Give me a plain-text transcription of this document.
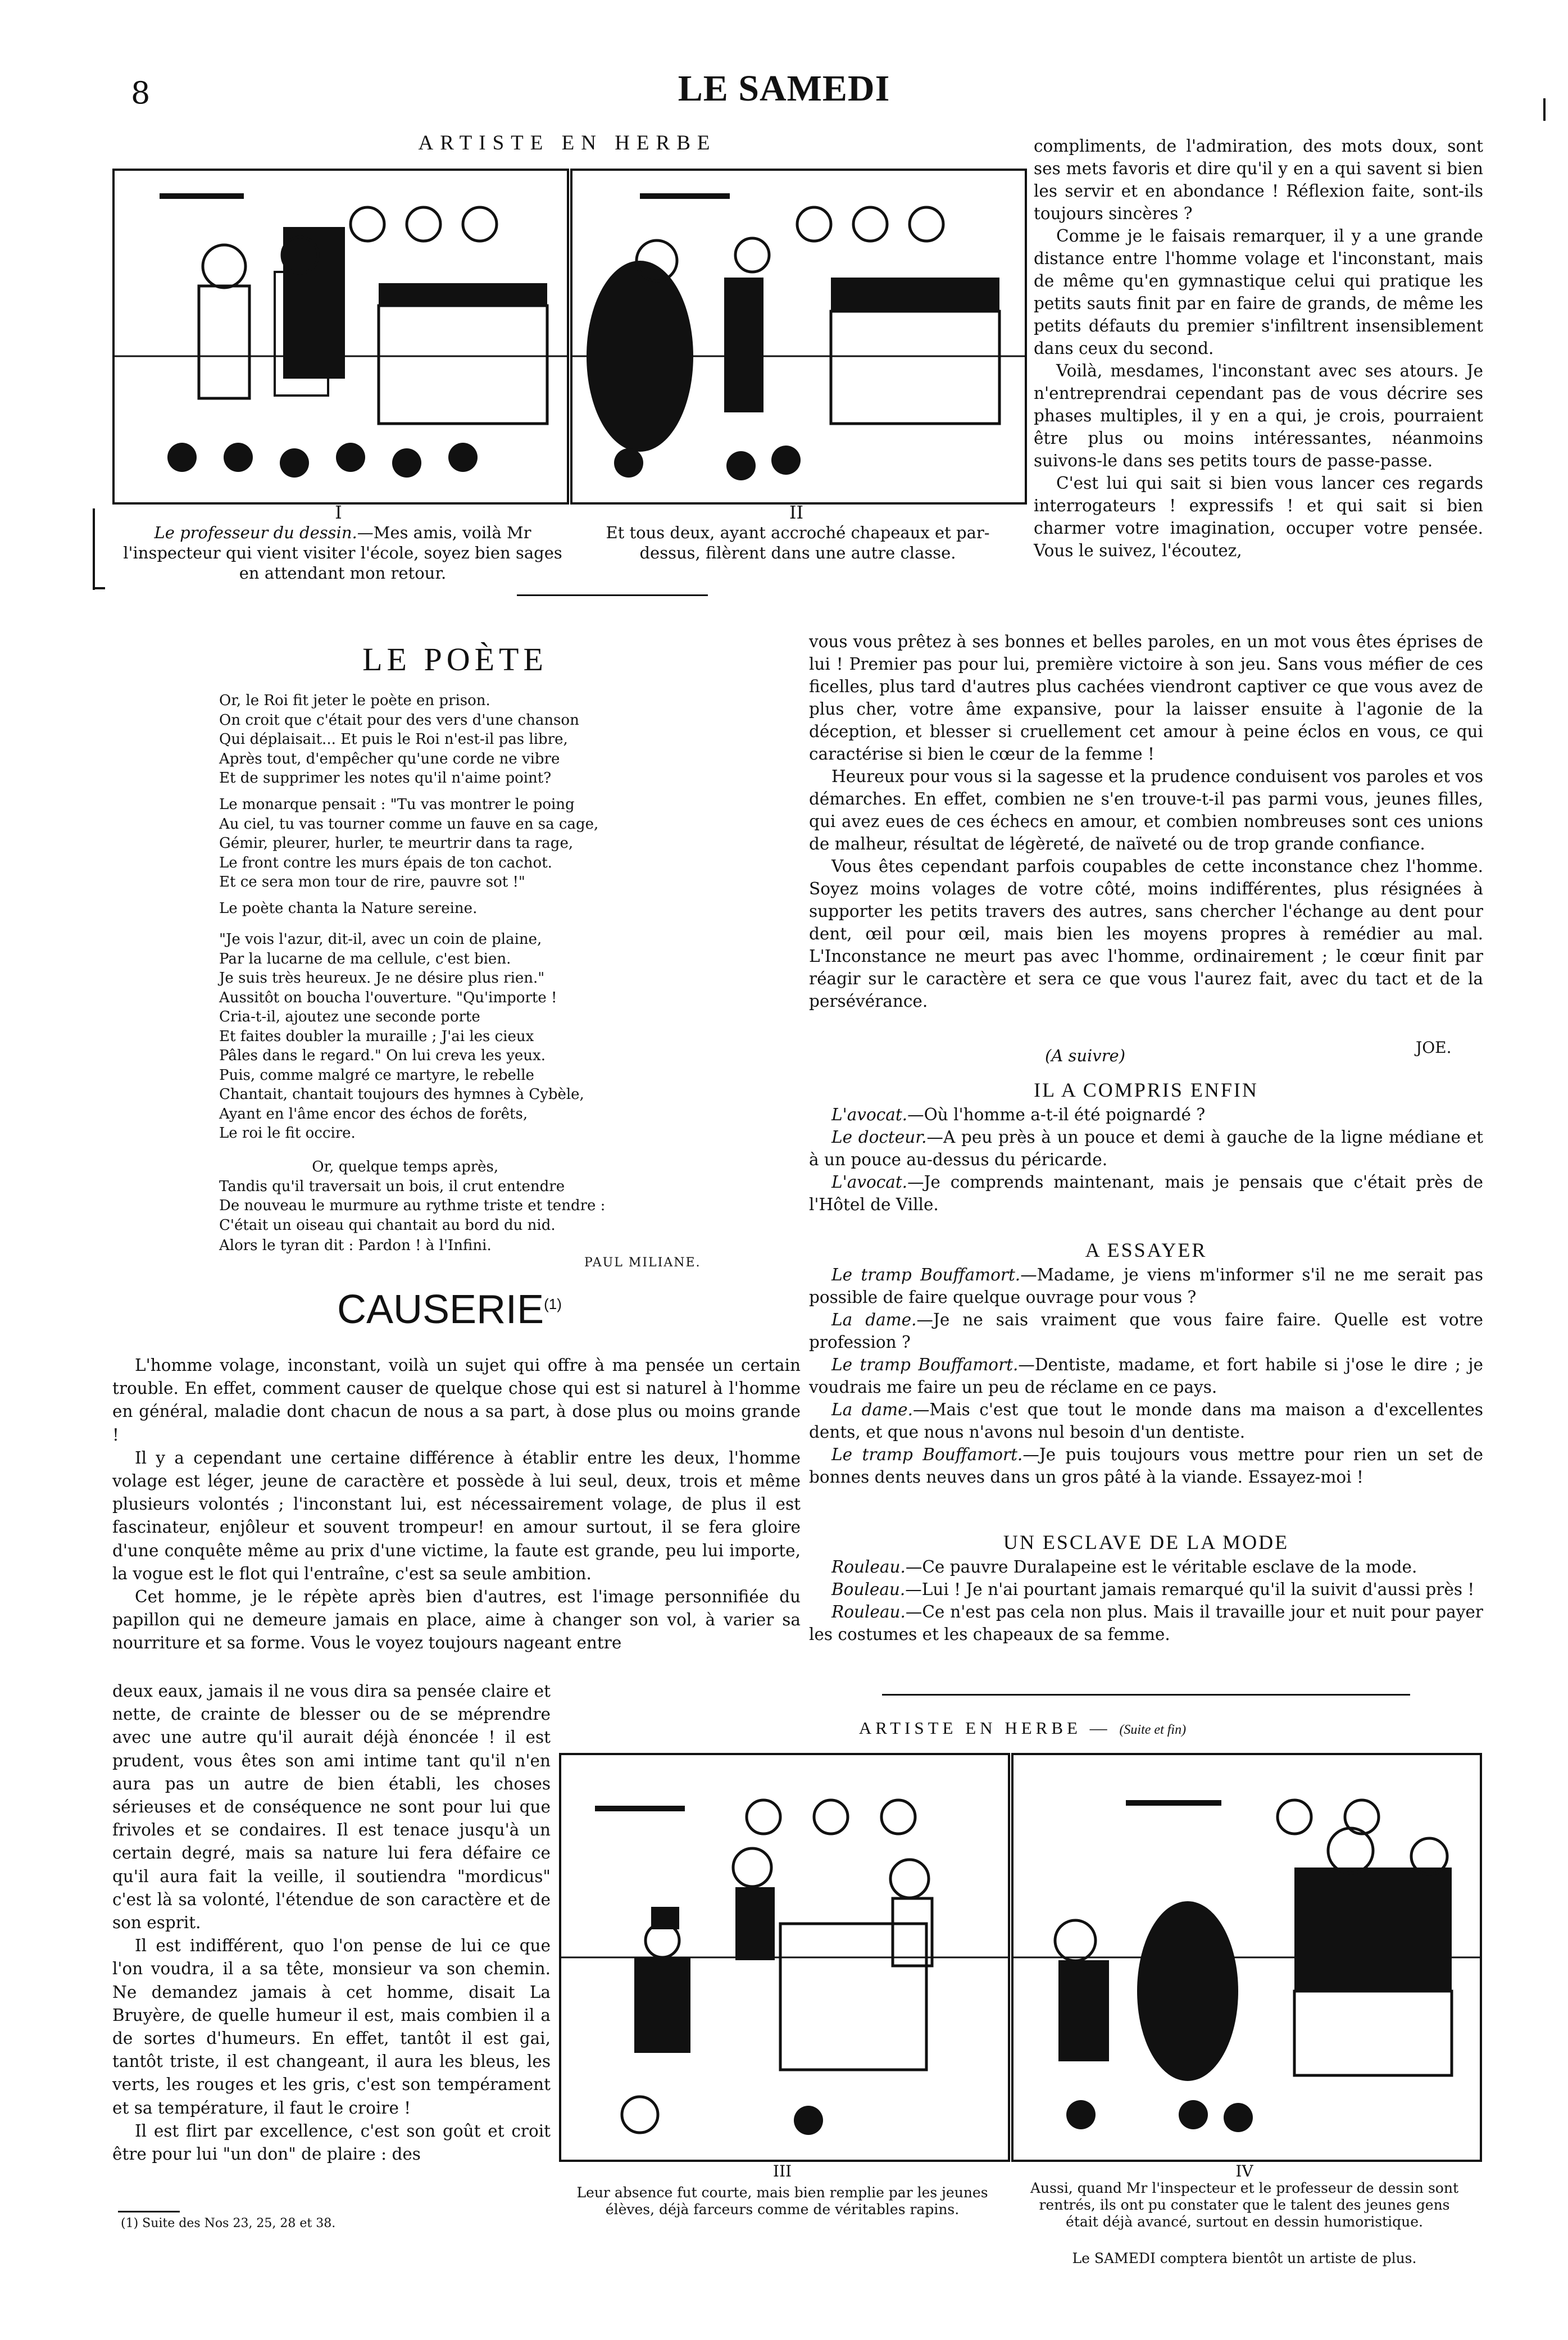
8	LE SAMEDI
ARTISTE EN HERBE
I
Le professeur du dessin.—Mes amis, voilà Mr l'inspecteur qui vient visiter l'école, soyez bien sages en attendant mon retour.
II
Et tous deux, ayant accroché chapeaux et par-dessus, filèrent dans une autre classe.
LE POÈTE
Or, le Roi fit jeter le poète en prison.
On croit que c'était pour des vers d'une chanson
Qui déplaisait... Et puis le Roi n'est-il pas libre,
Après tout, d'empêcher qu'une corde ne vibre
Et de supprimer les notes qu'il n'aime point?
Le monarque pensait : "Tu vas montrer le poing
Au ciel, tu vas tourner comme un fauve en sa cage,
Gémir, pleurer, hurler, te meurtrir dans ta rage,
Le front contre les murs épais de ton cachot.
Et ce sera mon tour de rire, pauvre sot !"
Le poète chanta la Nature sereine.
"Je vois l'azur, dit-il, avec un coin de plaine,
Par la lucarne de ma cellule, c'est bien.
Je suis très heureux. Je ne désire plus rien."
Aussitôt on boucha l'ouverture. "Qu'importe !
Cria-t-il, ajoutez une seconde porte
Et faites doubler la muraille ; J'ai les cieux
Pâles dans le regard." On lui creva les yeux.
Puis, comme malgré ce martyre, le rebelle
Chantait, chantait toujours des hymnes à Cybèle,
Ayant en l'âme encor des échos de forêts,
Le roi le fit occire.
Or, quelque temps après,
Tandis qu'il traversait un bois, il crut entendre
De nouveau le murmure au rythme triste et tendre :
C'était un oiseau qui chantait au bord du nid.
Alors le tyran dit : Pardon ! à l'Infini.
PAUL MILIANE.
CAUSERIE$^{(1)}$

L'homme volage, inconstant, voilà un sujet qui offre à ma pensée un certain trouble. En effet, comment causer de quelque chose qui est si naturel à l'homme en général, maladie dont chacun de nous a sa part, à dose plus ou moins grande !

Il y a cependant une certaine différence à établir entre les deux, l'homme volage est léger, jeune de caractère et possède à lui seul, deux, trois et même plusieurs volontés ; l'inconstant lui, est nécessairement volage, de plus il est fascinateur, enjôleur et souvent trompeur! en amour surtout, il se fera gloire d'une conquête même au prix d'une victime, la faute est grande, peu lui importe, la vogue est le flot qui l'entraîne, c'est sa seule ambition.

Cet homme, je le répète après bien d'autres, est l'image personnifiée du papillon qui ne demeure jamais en place, aime à changer son vol, à varier sa nourriture et sa forme. Vous le voyez toujours nageant entre

deux eaux, jamais il ne vous dira sa pensée claire et nette, de crainte de blesser ou de se méprendre avec une autre qu'il aurait déjà énoncée ! il est prudent, vous êtes son ami intime tant qu'il n'en aura pas un autre de bien établi, les choses sérieuses et de conséquence ne sont pour lui que frivoles et se condaires. Il est tenace jusqu'à un certain degré, mais sa nature lui fera défaire ce qu'il aura fait la veille, il soutiendra "mordicus" c'est là sa volonté, l'étendue de son caractère et de son esprit.

Il est indifférent, quo l'on pense de lui ce que l'on voudra, il a sa tête, monsieur va son chemin. Ne demandez jamais à cet homme, disait La Bruyère, de quelle humeur il est, mais combien il a de sortes d'humeurs. En effet, tantôt il est gai, tantôt triste, il est changeant, il aura les bleus, les verts, les rouges et les gris, c'est son tempérament et sa température, il faut le croire !

Il est flirt par excellence, c'est son goût et croit être pour lui "un don" de plaire : des

(1) Suite des Nos 23, 25, 28 et 38.

compliments, de l'admiration, des mots doux, sont ses mets favoris et dire qu'il y en a qui savent si bien les servir et en abondance ! Réflexion faite, sont-ils toujours sincères ?

Comme je le faisais remarquer, il y a une grande distance entre l'homme volage et l'inconstant, mais de même qu'en gymnastique celui qui pratique les petits sauts finit par en faire de grands, de même les petits défauts du premier s'infiltrent insensiblement dans ceux du second.

Voilà, mesdames, l'inconstant avec ses atours. Je n'entreprendrai cependant pas de vous décrire ses phases multiples, il y en a qui, je crois, pourraient être plus ou moins intéressantes, néanmoins suivons-le dans ses petits tours de passe-passe.

C'est lui qui sait si bien vous lancer ces regards interrogateurs ! expressifs ! et qui sait si bien charmer votre imagination, occuper votre pensée. Vous le suivez, l'écoutez,

vous vous prêtez à ses bonnes et belles paroles, en un mot vous êtes éprises de lui ! Premier pas pour lui, première victoire à son jeu. Sans vous méfier de ces ficelles, plus tard d'autres plus cachées viendront captiver ce que vous avez de plus cher, votre âme expansive, pour la laisser ensuite à l'agonie de la déception, et blesser si cruellement cet amour à peine éclos en vous, ce qui caractérise si bien le cœur de la femme !

Heureux pour vous si la sagesse et la prudence conduisent vos paroles et vos démarches. En effet, combien ne s'en trouve-t-il pas parmi vous, jeunes filles, qui avez eues de ces échecs en amour, et combien nombreuses sont ces unions de malheur, résultat de légèreté, de naïveté ou de trop grande confiance.

Vous êtes cependant parfois coupables de cette inconstance chez l'homme. Soyez moins volages de votre côté, moins indifférentes, plus résignées à supporter les petits travers des autres, sans chercher l'échange au dent pour dent, œil pour œil, mais bien les moyens propres à remédier au mal. L'Inconstance ne meurt pas avec l'homme, ordinairement ; le cœur finit par réagir sur le caractère et sera ce que vous l'aurez fait, avec du tact et de la persévérance.

JOE.
(A suivre)
IL A COMPRIS ENFIN

L'avocat.—Où l'homme a-t-il été poignardé ?

Le docteur.—A peu près à un pouce et demi à gauche de la ligne médiane et à un pouce au-dessus du péricarde.

L'avocat.—Je comprends maintenant, mais je pensais que c'était près de l'Hôtel de Ville.

A ESSAYER

Le tramp Bouffamort.—Madame, je viens m'informer s'il ne me serait pas possible de faire quelque ouvrage pour vous ?

La dame.—Je ne sais vraiment que vous faire faire. Quelle est votre profession ?

Le tramp Bouffamort.—Dentiste, madame, et fort habile si j'ose le dire ; je voudrais me faire un peu de réclame en ce pays.

La dame.—Mais c'est que tout le monde dans ma maison a d'excellentes dents, et que nous n'avons nul besoin d'un dentiste.

Le tramp Bouffamort.—Je puis toujours vous mettre pour rien un set de bonnes dents neuves dans un gros pâté à la viande. Essayez-moi !

UN ESCLAVE DE LA MODE

Rouleau.—Ce pauvre Duralapeine est le véritable esclave de la mode.

Bouleau.—Lui ! Je n'ai pourtant jamais remarqué qu'il la suivit d'aussi près !

Rouleau.—Ce n'est pas cela non plus. Mais il travaille jour et nuit pour payer les costumes et les chapeaux de sa femme.

ARTISTE EN HERBE — (Suite et fin)
III
Leur absence fut courte, mais bien remplie par les jeunes élèves, déjà farceurs comme de véritables rapins.
IV
Aussi, quand Mr l'inspecteur et le professeur de dessin sont rentrés, ils ont pu constater que le talent des jeunes gens était déjà avancé, surtout en dessin humoristique.
Le SAMEDI comptera bientôt un artiste de plus.
